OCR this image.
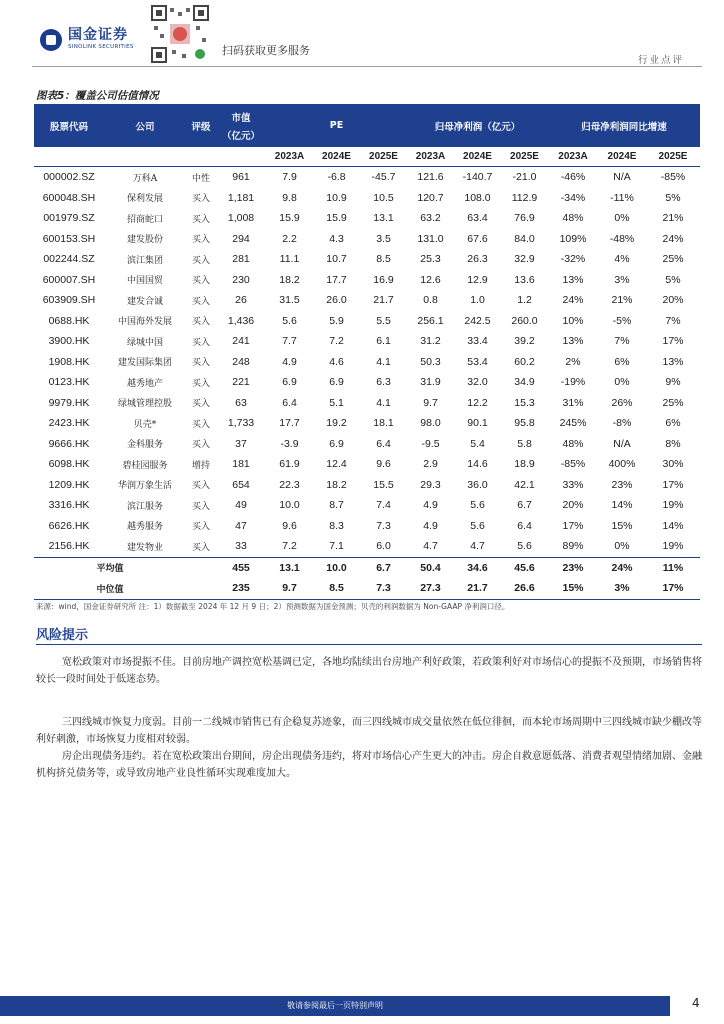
国金证券
SINOLINK SECURITIES	扫码获取更多服务
行业点评
图表5：覆盖公司估值情况
股票代码	公司	评级	市值
（亿元）	PE			归母净利润（亿元）			归母净利润同比增速		
				2023A	2024E	2025E	2023A	2024E	2025E	2023A	2024E	2025E
000002.SZ	万科A	中性	961	7.9	-6.8	-45.7	121.6	-140.7	-21.0	-46%	N/A	-85%
600048.SH	保利发展	买入	1,181	9.8	10.9	10.5	120.7	108.0	112.9	-34%	-11%	5%
001979.SZ	招商蛇口	买入	1,008	15.9	15.9	13.1	63.2	63.4	76.9	48%	0%	21%
600153.SH	建发股份	买入	294	2.2	4.3	3.5	131.0	67.6	84.0	109%	-48%	24%
002244.SZ	滨江集团	买入	281	11.1	10.7	8.5	25.3	26.3	32.9	-32%	4%	25%
600007.SH	中国国贸	买入	230	18.2	17.7	16.9	12.6	12.9	13.6	13%	3%	5%
603909.SH	建发合诚	买入	26	31.5	26.0	21.7	0.8	1.0	1.2	24%	21%	20%
0688.HK	中国海外发展	买入	1,436	5.6	5.9	5.5	256.1	242.5	260.0	10%	-5%	7%
3900.HK	绿城中国	买入	241	7.7	7.2	6.1	31.2	33.4	39.2	13%	7%	17%
1908.HK	建发国际集团	买入	248	4.9	4.6	4.1	50.3	53.4	60.2	2%	6%	13%
0123.HK	越秀地产	买入	221	6.9	6.9	6.3	31.9	32.0	34.9	-19%	0%	9%
9979.HK	绿城管理控股	买入	63	6.4	5.1	4.1	9.7	12.2	15.3	31%	26%	25%
2423.HK	贝壳*	买入	1,733	17.7	19.2	18.1	98.0	90.1	95.8	245%	-8%	6%
9666.HK	金科服务	买入	37	-3.9	6.9	6.4	-9.5	5.4	5.8	48%	N/A	8%
6098.HK	碧桂园服务	增持	181	61.9	12.4	9.6	2.9	14.6	18.9	-85%	400%	30%
1209.HK	华润万象生活	买入	654	22.3	18.2	15.5	29.3	36.0	42.1	33%	23%	17%
3316.HK	滨江服务	买入	49	10.0	8.7	7.4	4.9	5.6	6.7	20%	14%	19%
6626.HK	越秀服务	买入	47	9.6	8.3	7.3	4.9	5.6	6.4	17%	15%	14%
2156.HK	建发物业	买入	33	7.2	7.1	6.0	4.7	4.7	5.6	89%	0%	19%
平均值			455	13.1	10.0	6.7	50.4	34.6	45.6	23%	24%	11%
中位值			235	9.7	8.5	7.3	27.3	21.7	26.6	15%	3%	17%
来源：wind，国金证券研究所 注：1）数据截至 2024 年 12 月 9 日；2）预测数据为国金预测；贝壳的利润数据为 Non-GAAP 净利润口径。
风险提示

宽松政策对市场提振不佳。目前房地产调控宽松基调已定，各地均陆续出台房地产利好政策，若政策利好对市场信心的提振不及预期，市场销售将较长一段时间处于低迷态势。

三四线城市恢复力度弱。目前一二线城市销售已有企稳复苏迹象，而三四线城市成交量依然在低位徘徊，而本轮市场周期中三四线城市缺少棚改等利好刺激，市场恢复力度相对较弱。

房企出现债务违约。若在宽松政策出台期间，房企出现债务违约，将对市场信心产生更大的冲击。房企自救意愿低落、消费者观望情绪加剧、金融机构挤兑债务等，或导致房地产业良性循环实现难度加大。

敬请参阅最后一页特别声明	4
